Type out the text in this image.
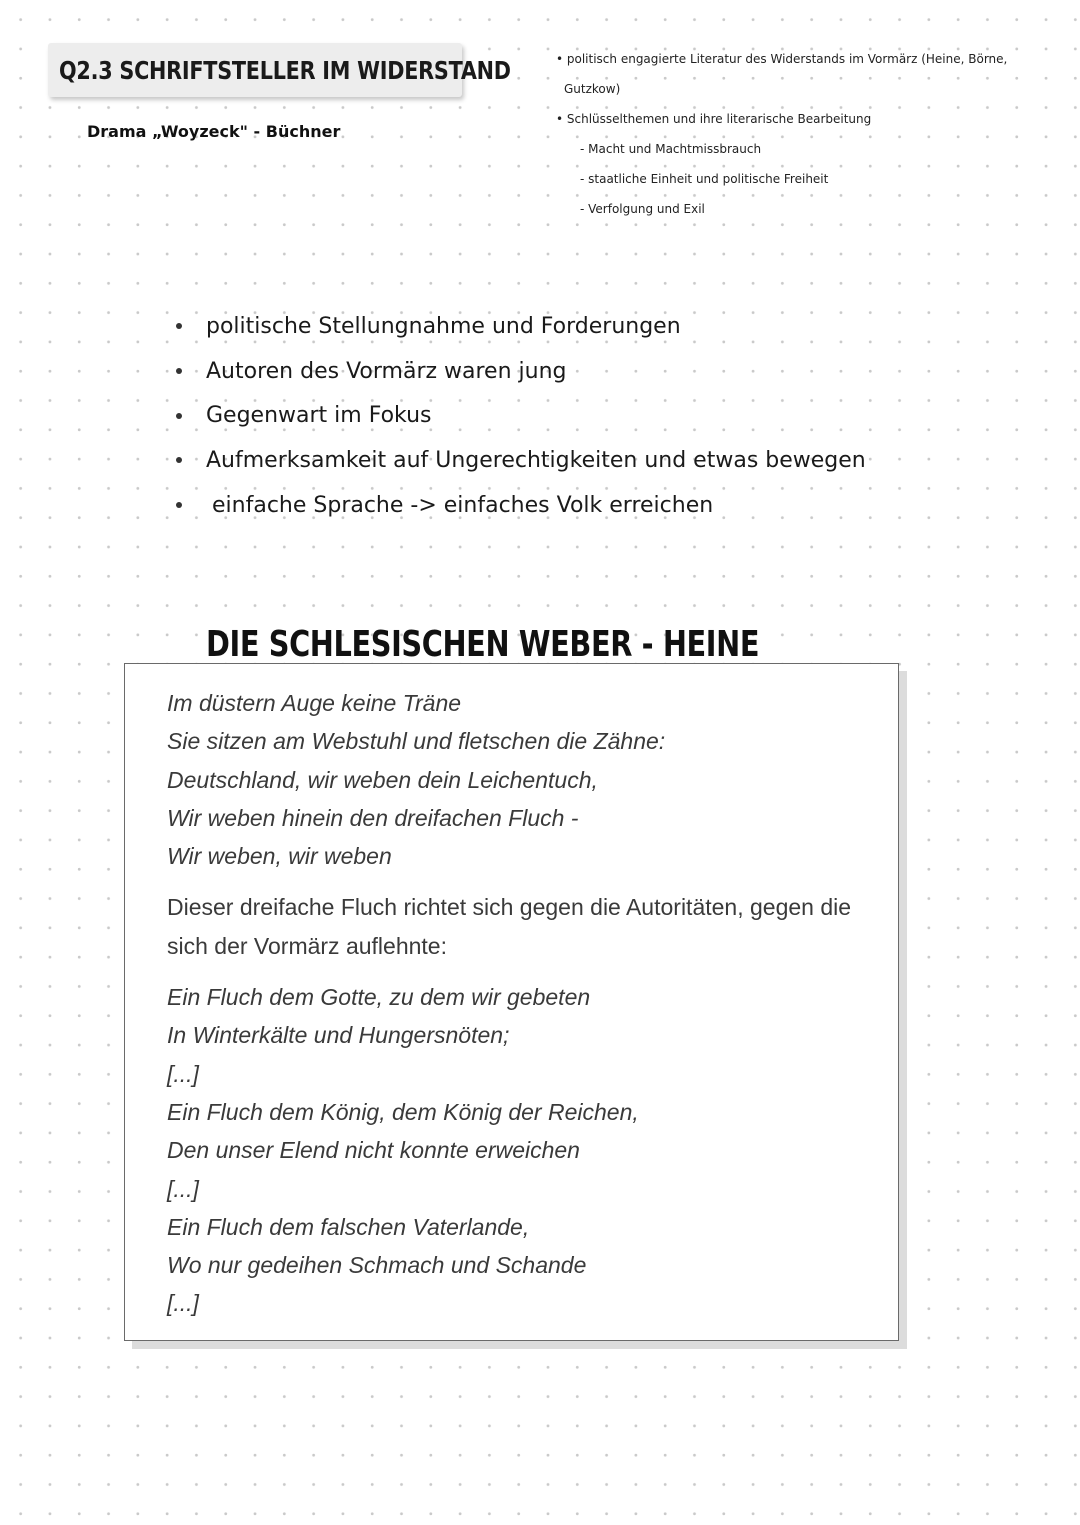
Q2.3 SCHRIFTSTELLER IM WIDERSTAND
Drama „Woyzeck" - Büchner
• politisch engagierte Literatur des Widerstands im Vormärz (Heine, Börne,
Gutzkow)
• Schlüsselthemen und ihre literarische Bearbeitung
- Macht und Machtmissbrauch
- staatliche Einheit und politische Freiheit
- Verfolgung und Exil
politische Stellungnahme und Forderungen
Autoren des Vormärz waren jung
Gegenwart im Fokus
Aufmerksamkeit auf Ungerechtigkeiten und etwas bewegen
einfache Sprache -> einfaches Volk erreichen
DIE SCHLESISCHEN WEBER - HEINE
Im düstern Auge keine Träne
Sie sitzen am Webstuhl und fletschen die Zähne:
Deutschland, wir weben dein Leichentuch,
Wir weben hinein den dreifachen Fluch -
Wir weben, wir weben
Dieser dreifache Fluch richtet sich gegen die Autoritäten, gegen die sich der Vormärz auflehnte:
Ein Fluch dem Gotte, zu dem wir gebeten
In Winterkälte und Hungersnöten;
[...]
Ein Fluch dem König, dem König der Reichen,
Den unser Elend nicht konnte erweichen
[...]
Ein Fluch dem falschen Vaterlande,
Wo nur gedeihen Schmach und Schande
[...]
